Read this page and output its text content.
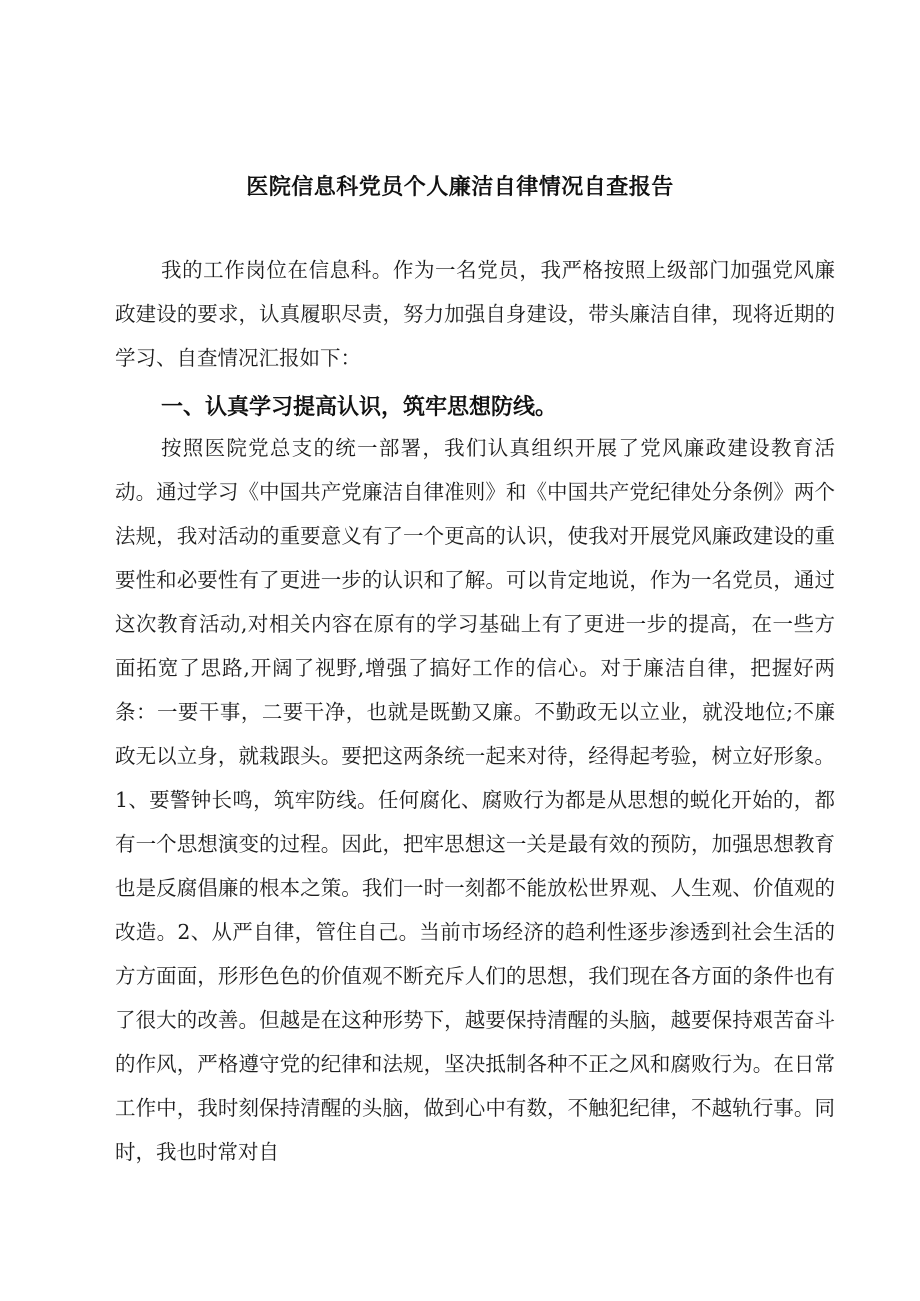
医院信息科党员个人廉洁自律情况自查报告

我的工作岗位在信息科。作为一名党员，我严格按照上级部门加强党风廉政建设的要求，认真履职尽责，努力加强自身建设，带头廉洁自律，现将近期的学习、自查情况汇报如下：

一、认真学习提高认识，筑牢思想防线。

按照医院党总支的统一部署，我们认真组织开展了党风廉政建设教育活动。通过学习《中国共产党廉洁自律准则》和《中国共产党纪律处分条例》两个法规，我对活动的重要意义有了一个更高的认识，使我对开展党风廉政建设的重要性和必要性有了更进一步的认识和了解。可以肯定地说，作为一名党员，通过这次教育活动,对相关内容在原有的学习基础上有了更进一步的提高，在一些方面拓宽了思路,开阔了视野,增强了搞好工作的信心。对于廉洁自律，把握好两条：一要干事，二要干净，也就是既勤又廉。不勤政无以立业，就没地位;不廉政无以立身，就栽跟头。要把这两条统一起来对待，经得起考验，树立好形象。1、要警钟长鸣，筑牢防线。任何腐化、腐败行为都是从思想的蜕化开始的，都有一个思想演变的过程。因此，把牢思想这一关是最有效的预防，加强思想教育也是反腐倡廉的根本之策。我们一时一刻都不能放松世界观、人生观、价值观的改造。2、从严自律，管住自己。当前市场经济的趋利性逐步渗透到社会生活的方方面面，形形色色的价值观不断充斥人们的思想，我们现在各方面的条件也有了很大的改善。但越是在这种形势下，越要保持清醒的头脑，越要保持艰苦奋斗的作风，严格遵守党的纪律和法规，坚决抵制各种不正之风和腐败行为。在日常工作中，我时刻保持清醒的头脑，做到心中有数，不触犯纪律，不越轨行事。同时，我也时常对自
